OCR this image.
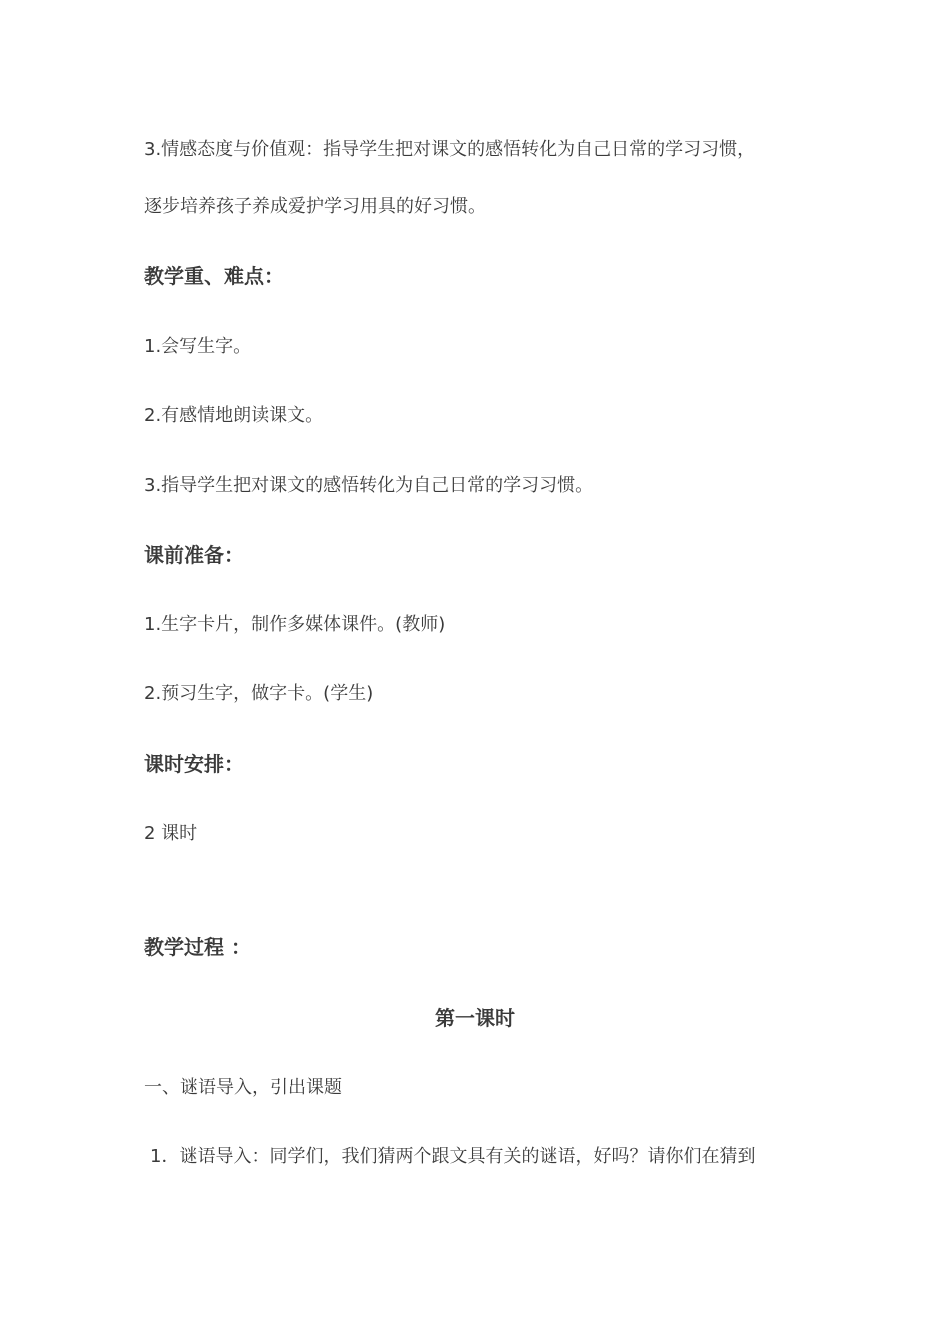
3.情感态度与价值观：指导学生把对课文的感悟转化为自己日常的学习习惯，
逐步培养孩子养成爱护学习用具的好习惯。
教学重、难点：
1.会写生字。
2.有感情地朗读课文。
3.指导学生把对课文的感悟转化为自己日常的学习习惯。
课前准备：
1.生字卡片，制作多媒体课件。(教师)
2.预习生字，做字卡。(学生)
课时安排：
2 课时
教学过程 ：
第一课时
一、谜语导入，引出课题
1．谜语导入：同学们，我们猜两个跟文具有关的谜语，好吗？请你们在猜到
